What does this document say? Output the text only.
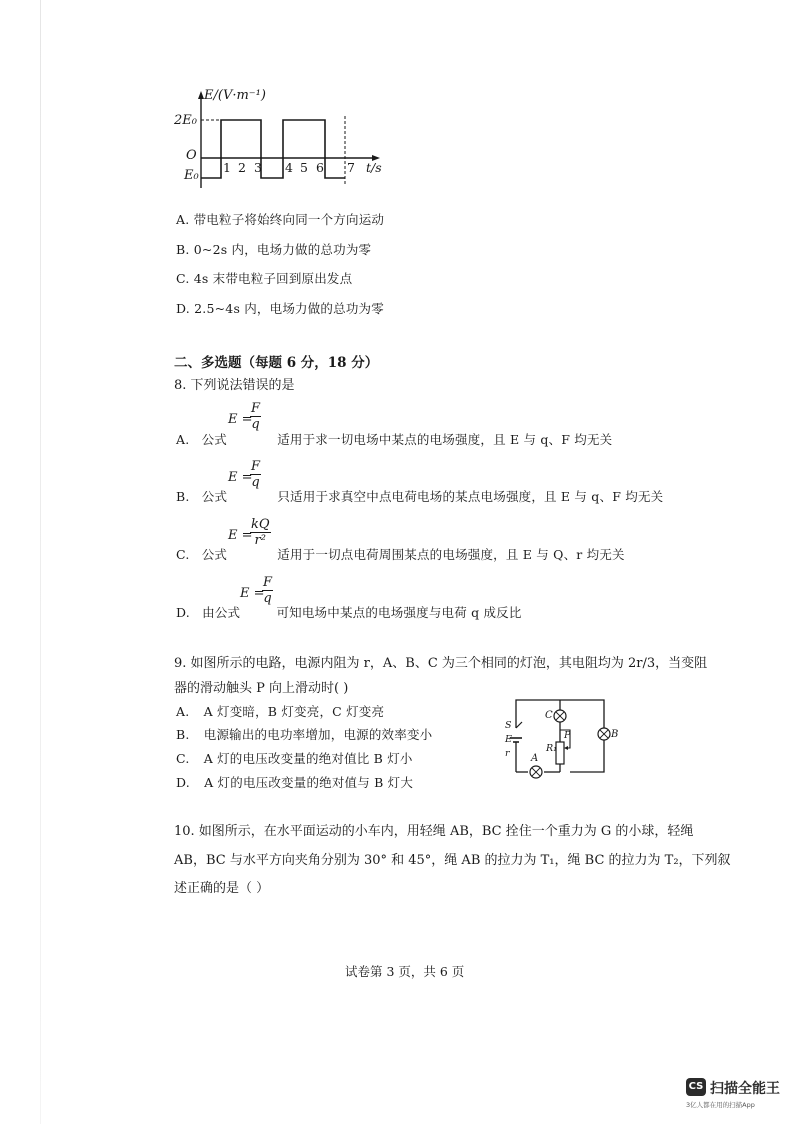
E/(V·m⁻¹)
2E₀
O
E₀
1 2 3 4 5 6 7 t/s
A. 带电粒子将始终向同一个方向运动
B. 0~2s 内，电场力做的总功为零
C. 4s 末带电粒子回到原出发点
D. 2.5~4s 内，电场力做的总功为零
二、多选题（每题 6 分，18 分）
8. 下列说法错误的是
E =
$\frac{F}{q}$
A. 公式	适用于求一切电场中某点的电场强度，且 E 与 q、F 均无关
E =
$\frac{F}{q}$
B. 公式	只适用于求真空中点电荷电场的某点电场强度，且 E 与 q、F 均无关
E =
$\frac{kQ}{\text{r²}}$
C. 公式	适用于一切点电荷周围某点的电场强度，且 E 与 Q、r 均无关
E =
$\frac{F}{q}$
D. 由公式	可知电场中某点的电场强度与电荷 q 成反比
9. 如图所示的电路，电源内阻为 r，A、B、C 为三个相同的灯泡，其电阻均为 2r/3，当变阻
器的滑动触头 P 向上滑动时( )
A. A 灯变暗，B 灯变亮，C 灯变亮
B. 电源输出的电功率增加，电源的效率变小
C. A 灯的电压改变量的绝对值比 B 灯小
D. A 灯的电压改变量的绝对值与 B 灯大
C
B
A
S
E
r
P
R₁
10. 如图所示，在水平面运动的小车内，用轻绳 AB，BC 拴住一个重力为 G 的小球，轻绳
AB，BC 与水平方向夹角分别为 30° 和 45°，绳 AB 的拉力为 T₁，绳 BC 的拉力为 T₂，下列叙
述正确的是（ ）
试卷第 3 页，共 6 页
CS 扫描全能王
3亿人都在用的扫描App
